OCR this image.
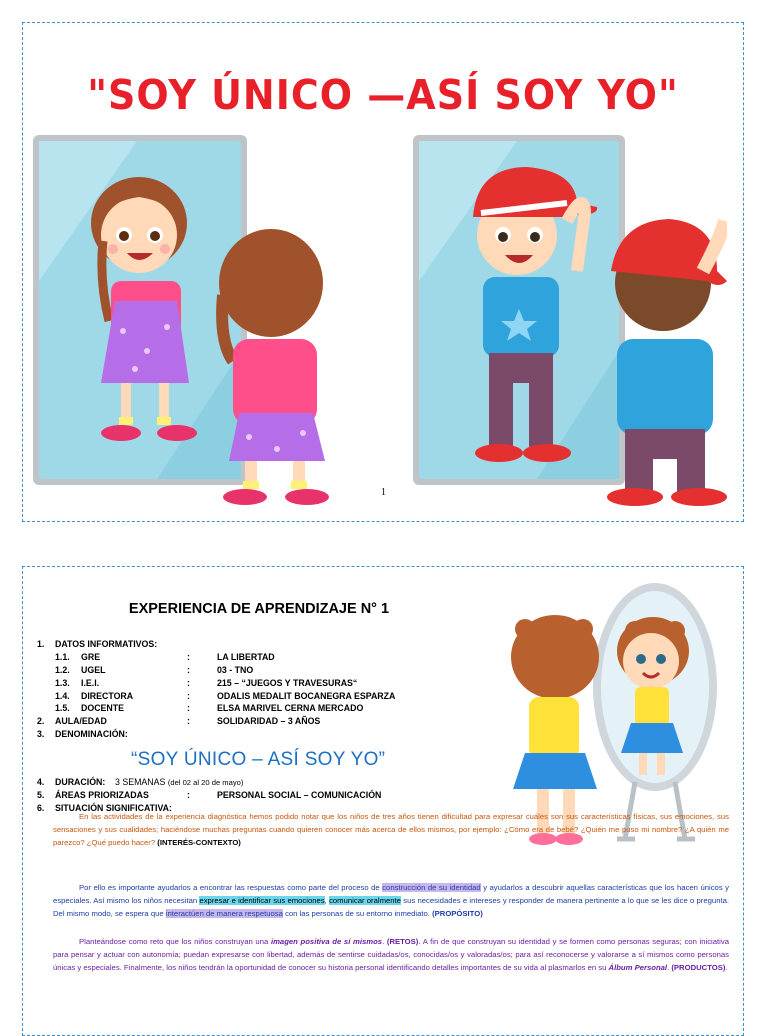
"SOY ÚNICO —ASÍ SOY YO"
1
EXPERIENCIA DE APRENDIZAJE N° 1
1. DATOS INFORMATIVOS:
1.1. GRE	:	LA LIBERTAD
1.2. UGEL	:	03 - TNO
1.3. I.E.I.	:	215 – “JUEGOS Y TRAVESURAS“
1.4. DIRECTORA	:	ODALIS MEDALIT BOCANEGRA ESPARZA
1.5. DOCENTE	:	ELSA MARIVEL CERNA MERCADO
2. AULA/EDAD	:	SOLIDARIDAD – 3 AÑOS
3. DENOMINACIÓN:
“SOY ÚNICO – ASÍ SOY YO”
4. DURACIÓN: 3 SEMANAS (del 02 al 20 de mayo)
5. ÁREAS PRIORIZADAS	:	PERSONAL SOCIAL – COMUNICACIÓN
6. SITUACIÓN SIGNIFICATIVA:

En las actividades de la experiencia diagnóstica hemos podido notar que los niños de tres años tienen dificultad para expresar cuáles son sus características físicas, sus emociones, sus sensaciones y sus cualidades; haciéndose muchas preguntas cuando quieren conocer más acerca de ellos mismos, por ejemplo: ¿Cómo era de bebé? ¿Quién me puso mi nombre? ¿A quién me parezco? ¿Qué puedo hacer? (INTERÉS-CONTEXTO)

Por ello es importante ayudarlos a encontrar las respuestas como parte del proceso de construcción de su identidad y ayudarlos a descubrir aquellas características que los hacen únicos y especiales. Así mismo los niños necesitan expresar e identificar sus emociones, comunicar oralmente sus necesidades e intereses y responder de manera pertinente a lo que se les dice o pregunta. Del mismo modo, se espera que interactúen de manera respetuosa con las personas de su entorno inmediato. (PROPÓSITO)

Planteándose como reto que los niños construyan una imagen positiva de sí mismos. (RETOS). A fin de que construyan su identidad y se formen como personas seguras; con iniciativa para pensar y actuar con autonomía; puedan expresarse con libertad, además de sentirse cuidadas/os, conocidas/os y valoradas/os; para así reconocerse y valorarse a sí mismos como personas únicas y especiales. Finalmente, los niños tendrán la oportunidad de conocer su historia personal identificando detalles importantes de su vida al plasmarlos en su Álbum Personal. (PRODUCTOS).
